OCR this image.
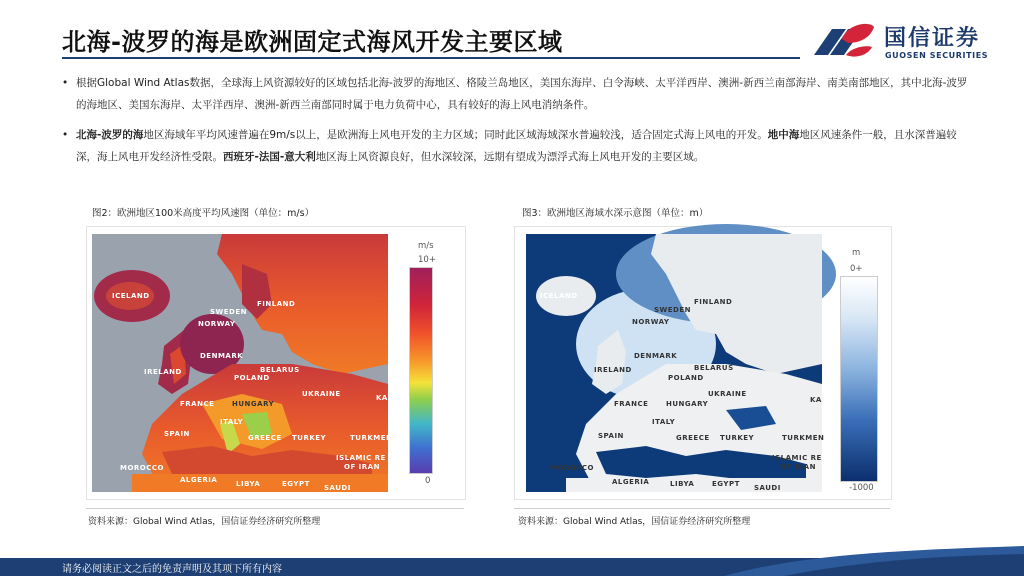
北海-波罗的海是欧洲固定式海风开发主要区域	国信证券
GUOSEN SECURITIES
• 根据Global Wind Atlas数据，全球海上风资源较好的区域包括北海-波罗的海地区、格陵兰岛地区，美国东海岸、白令海峡、太平洋西岸、澳洲-新西兰南部海岸、南美南部地区，其中北海-波罗的海地区、美国东海岸、太平洋西岸、澳洲-新西兰南部同时属于电力负荷中心，具有较好的海上风电消纳条件。
• 北海-波罗的海地区海域年平均风速普遍在9m/s以上，是欧洲海上风电开发的主力区域；同时此区域海域深水普遍较浅，适合固定式海上风电的开发。地中海地区风速条件一般，且水深普遍较深，海上风电开发经济性受限。西班牙-法国-意大利地区海上风资源良好，但水深较深，远期有望成为漂浮式海上风电开发的主要区域。
图2：欧洲地区100米高度平均风速图（单位：m/s）
ICELAND
FINLAND
SWEDEN
NORWAY
DENMARK
IRELAND	BELARUS
POLAND
UKRAINE
FRANCE	HUNGARY
ITALY
SPAIN	GREECE TURKEY	TURKMEN
ISLAMIC RE
OF IRAN
MOROCCO
ALGERIA	LIBYA	EGYPT SAUDI
KA
m/s
10+
0
资料来源：Global Wind Atlas，国信证券经济研究所整理
图3：欧洲地区海域水深示意图（单位：m）
ICELAND
FINLAND
SWEDEN
NORWAY
DENMARK
IRELAND	BELARUS
POLAND
UKRAINE
FRANCE	HUNGARY
ITALY
SPAIN	GREECE TURKEY	TURKMEN
ISLAMIC RE
OF IRAN
MOROCCO
ALGERIA	LIBYA	EGYPT SAUDI
KA
m
0+
-1000
资料来源：Global Wind Atlas，国信证券经济研究所整理
请务必阅读正文之后的免责声明及其项下所有内容
